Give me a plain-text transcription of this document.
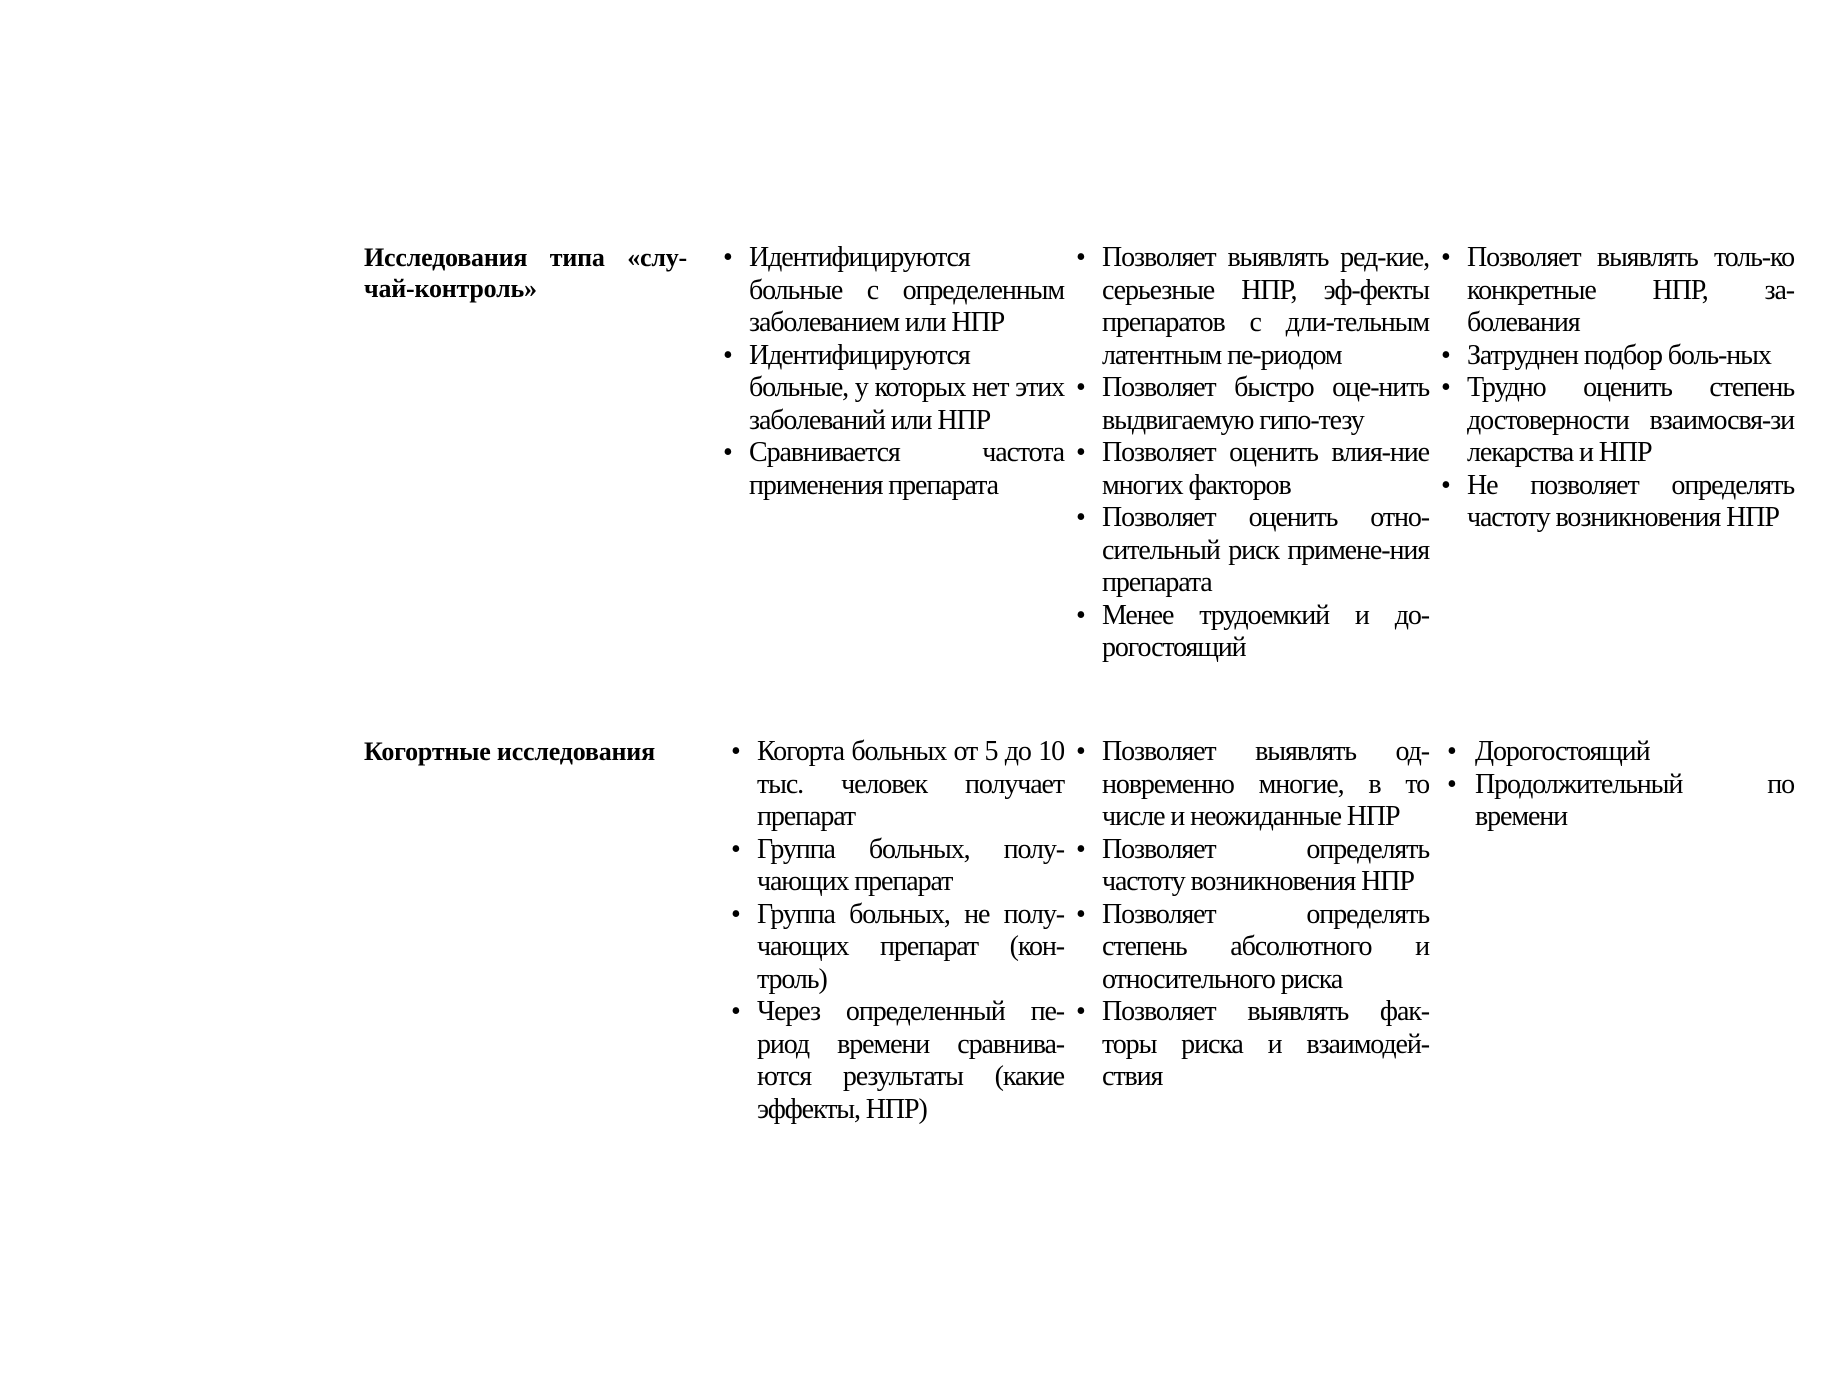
Исследования типа «слу-чай-контроль»
• Идентифицируются больные с определенным заболеванием или НПР
• Идентифицируются больные, у которых нет этих заболеваний или НПР
• Сравнивается частота применения препарата
• Позволяет выявлять ред-кие, серьезные НПР, эф-фекты препаратов с дли-тельным латентным пе-риодом
• Позволяет быстро оце-нить выдвигаемую гипо-тезу
• Позволяет оценить влия-ние многих факторов
• Позволяет оценить отно-сительный риск примене-ния препарата
• Менее трудоемкий и до-рогостоящий
• Позволяет выявлять толь-ко конкретные НПР, за-болевания
• Затруднен подбор боль-ных
• Трудно оценить степень достоверности взаимосвя-зи лекарства и НПР
• Не позволяет определять частоту возникновения НПР
Когортные исследования
•	Когорта больных от 5 до 10 тыс. человек получает препарат
• Группа больных, полу-чающих препарат
• Группа больных, не полу-чающих препарат (кон-троль)
• Через определенный пе-риод времени сравнива-ются результаты (какие эффекты, НПР)
• Позволяет выявлять од-новременно многие, в то числе и неожиданные НПР
• Позволяет определять частоту возникновения НПР
• Позволяет определять степень абсолютного и относительного риска
• Позволяет выявлять фак-торы риска и взаимодей-ствия
• Дорогостоящий
• Продолжительный по времени
